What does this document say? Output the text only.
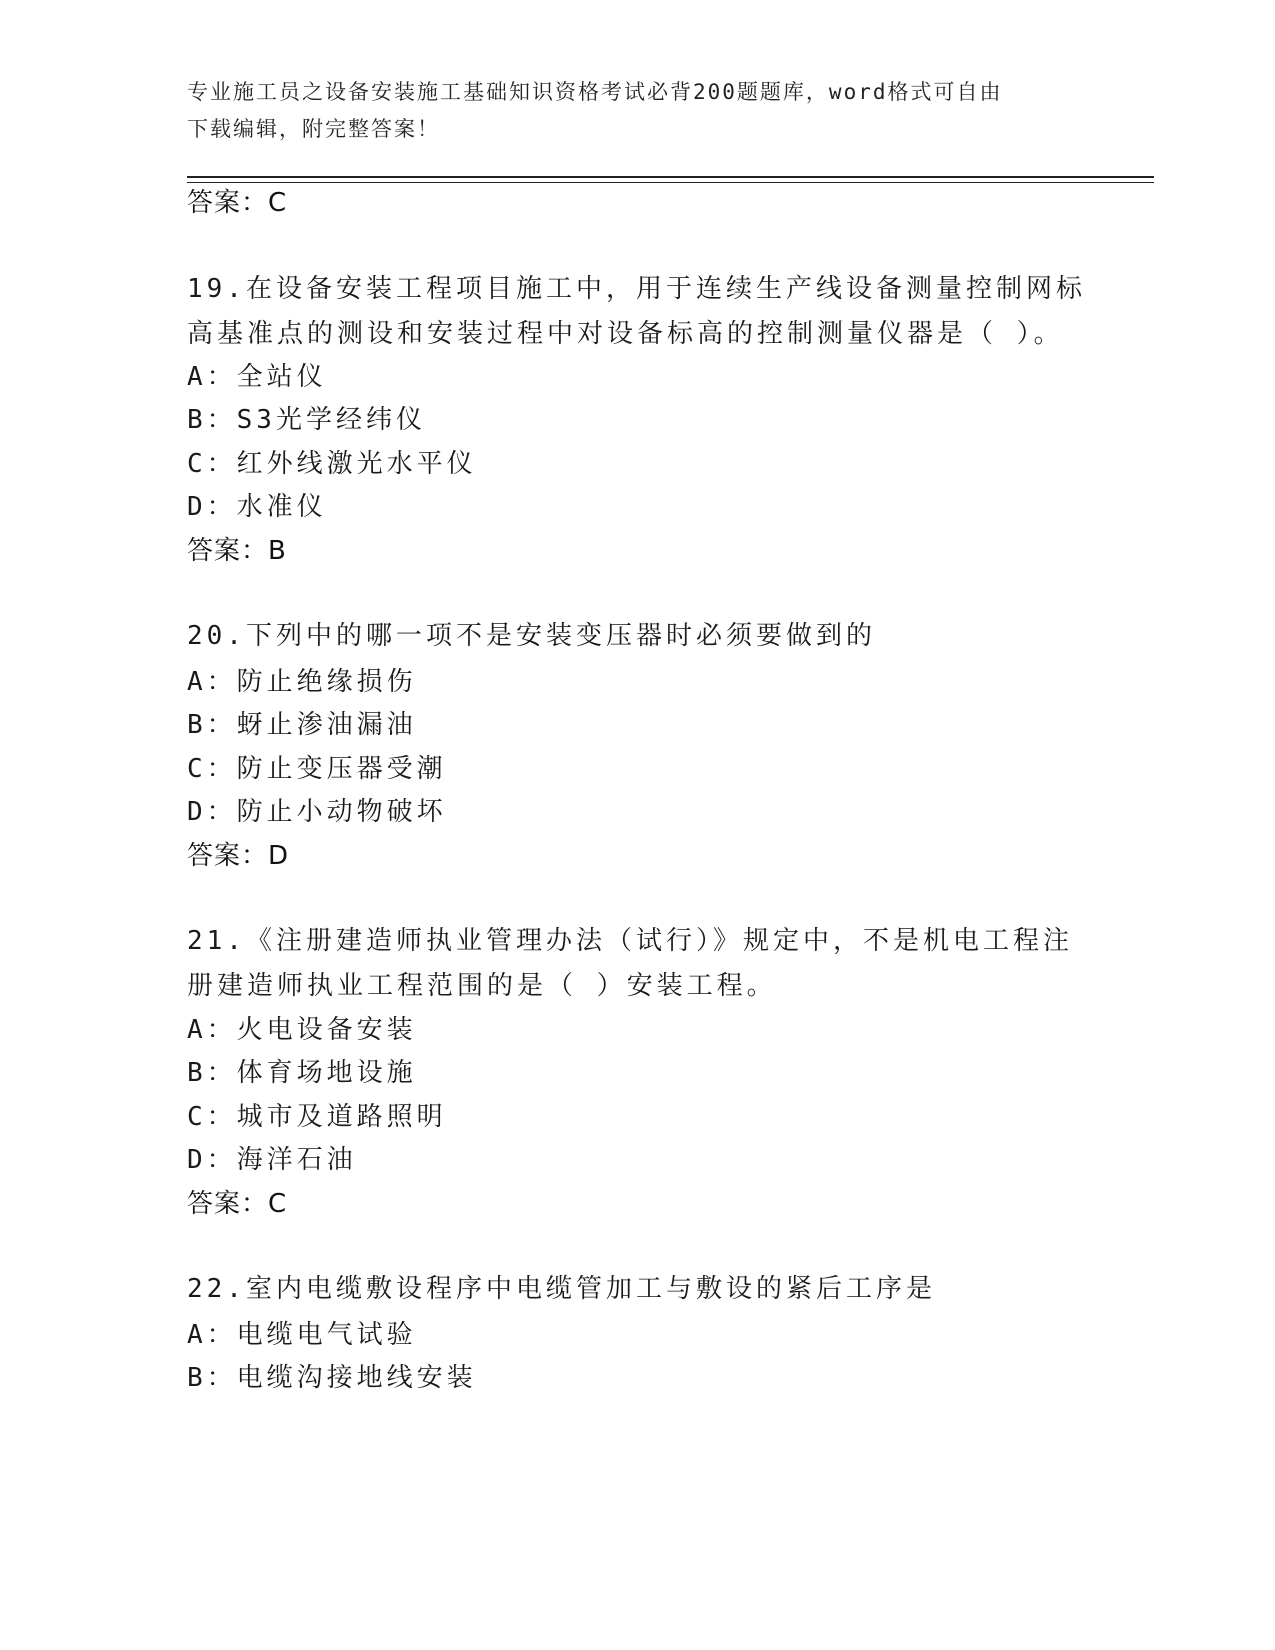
专业施工员之设备安装施工基础知识资格考试必背200题题库，word格式可自由
下载编辑，附完整答案！
答案：C
19.在设备安装工程项目施工中，用于连续生产线设备测量控制网标高基准点的测设和安装过程中对设备标高的控制测量仪器是（ ）。
A：全站仪
B：S3光学经纬仪
C：红外线激光水平仪
D：水准仪
答案：B
20.下列中的哪一项不是安装变压器时必须要做到的
A：防止绝缘损伤
B：蚜止渗油漏油
C：防止变压器受潮
D：防止小动物破坏
答案：D
21.《注册建造师执业管理办法（试行）》规定中，不是机电工程注册建造师执业工程范围的是（ ）安装工程。
A：火电设备安装
B：体育场地设施
C：城市及道路照明
D：海洋石油
答案：C
22.室内电缆敷设程序中电缆管加工与敷设的紧后工序是
A：电缆电气试验
B：电缆沟接地线安装
